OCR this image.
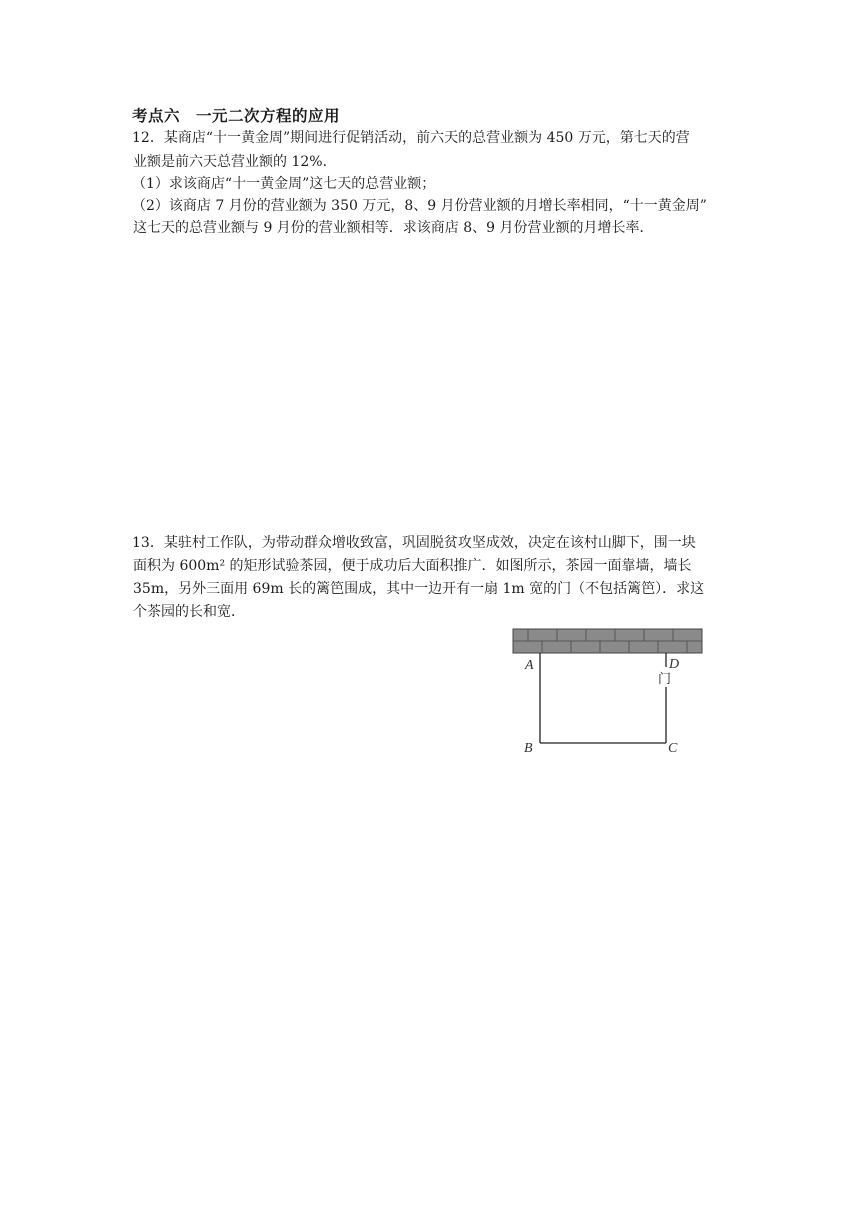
考点六　一元二次方程的应用
12．某商店“十一黄金周”期间进行促销活动，前六天的总营业额为 450 万元，第七天的营
业额是前六天总营业额的 12%．
（1）求该商店“十一黄金周”这七天的总营业额；
（2）该商店 7 月份的营业额为 350 万元，8、9 月份营业额的月增长率相同，“十一黄金周”
这七天的总营业额与 9 月份的营业额相等．求该商店 8、9 月份营业额的月增长率．
13．某驻村工作队，为带动群众增收致富，巩固脱贫攻坚成效，决定在该村山脚下，围一块
面积为 600m² 的矩形试验茶园，便于成功后大面积推广．如图所示，茶园一面靠墙，墙长
35m，另外三面用 69m 长的篱笆围成，其中一边开有一扇 1m 宽的门（不包括篱笆）．求这
个茶园的长和宽．
A	D
B	C
门
